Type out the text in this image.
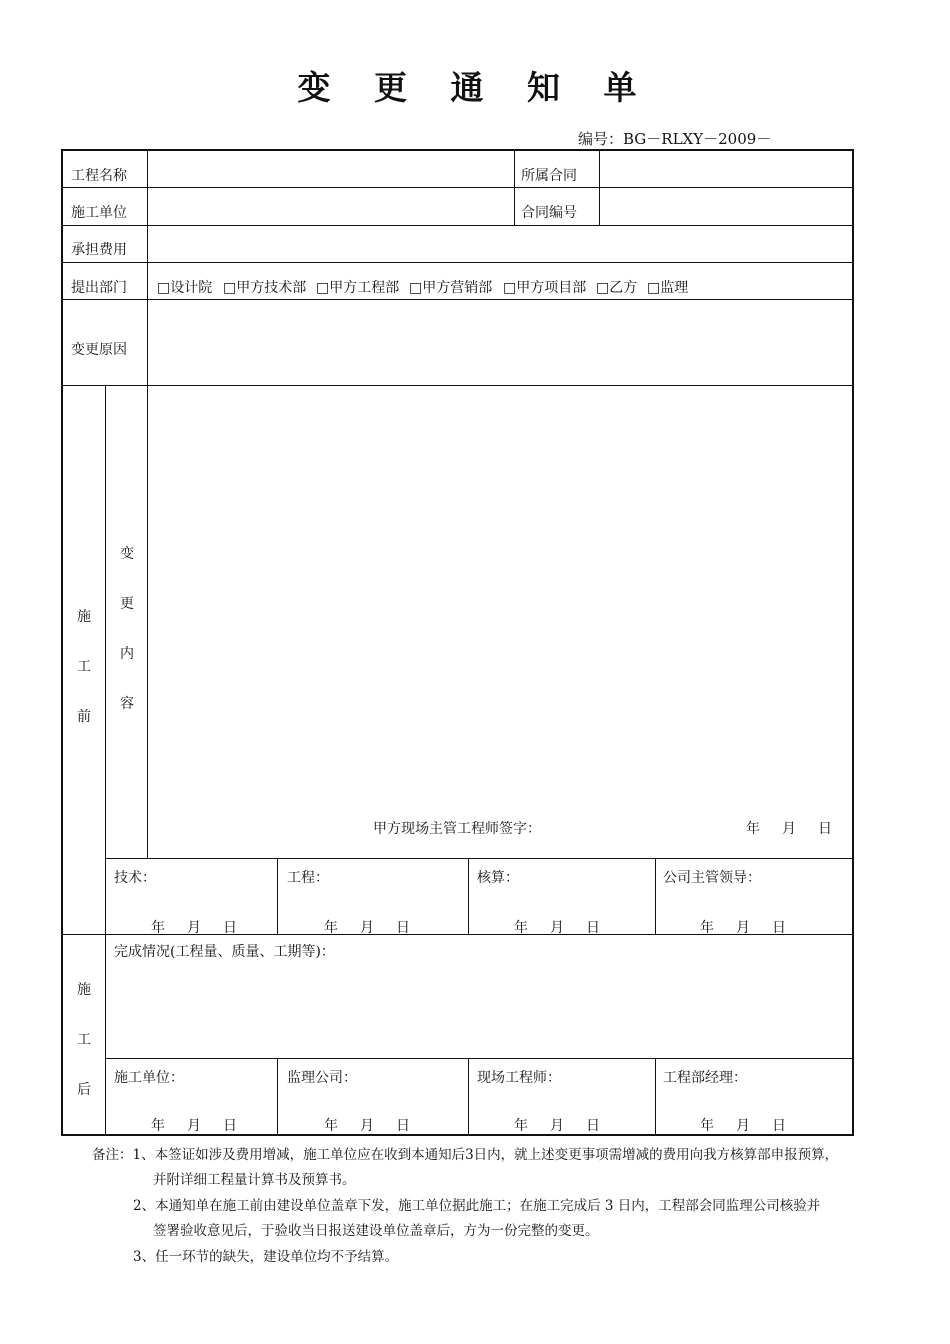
变 更 通 知 单
编号：BG－RLXY－2009－
工程名称	所属合同
施工单位	合同编号
承担费用
提出部门 □设计院 □甲方技术部 □甲方工程部 □甲方营销部 □甲方项目部 □乙方 □监理
变更原因
施
工
前
变
更
内
容
甲方现场主管工程师签字：	年 月 日
技术：	工程：	核算：	公司主管领导：
年 月 日	年 月 日	年 月 日	年 月 日
施
工
后
完成情况(工程量、质量、工期等)：
施工单位：	监理公司：	现场工程师：	工程部经理：
年 月 日	年 月 日	年 月 日	年 月 日
备注：1、本签证如涉及费用增减，施工单位应在收到本通知后3日内，就上述变更事项需增减的费用向我方核算部申报预算，
并附详细工程量计算书及预算书。
2、本通知单在施工前由建设单位盖章下发，施工单位据此施工；在施工完成后 3 日内，工程部会同监理公司核验并
签署验收意见后，于验收当日报送建设单位盖章后，方为一份完整的变更。
3、任一环节的缺失，建设单位均不予结算。
